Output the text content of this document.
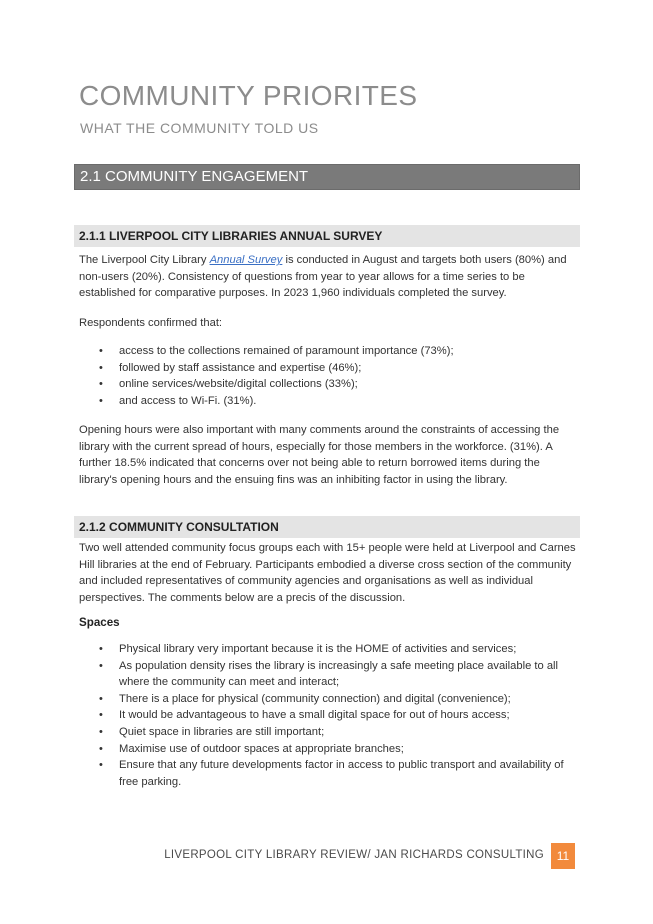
COMMUNITY PRIORITES
WHAT THE COMMUNITY TOLD US
2.1 COMMUNITY ENGAGEMENT
2.1.1 LIVERPOOL CITY LIBRARIES ANNUAL SURVEY

The Liverpool City Library Annual Survey is conducted in August and targets both users (80%) and non-users (20%). Consistency of questions from year to year allows for a time series to be established for comparative purposes. In 2023 1,960 individuals completed the survey.

Respondents confirmed that:

•	access to the collections remained of paramount importance (73%);
•	followed by staff assistance and expertise (46%);
•	online services/website/digital collections (33%);
•	and access to Wi-Fi. (31%).

Opening hours were also important with many comments around the constraints of accessing the library with the current spread of hours, especially for those members in the workforce. (31%). A further 18.5% indicated that concerns over not being able to return borrowed items during the library's opening hours and the ensuing fins was an inhibiting factor in using the library.

2.1.2 COMMUNITY CONSULTATION

Two well attended community focus groups each with 15+ people were held at Liverpool and Carnes Hill libraries at the end of February. Participants embodied a diverse cross section of the community and included representatives of community agencies and organisations as well as individual perspectives. The comments below are a precis of the discussion.

Spaces
•	Physical library very important because it is the HOME of activities and services;
•	As population density rises the library is increasingly a safe meeting place available to all where the community can meet and interact;
•	There is a place for physical (community connection) and digital (convenience);
•	It would be advantageous to have a small digital space for out of hours access;
•	Quiet space in libraries are still important;
•	Maximise use of outdoor spaces at appropriate branches;
•	Ensure that any future developments factor in access to public transport and availability of free parking.
LIVERPOOL CITY LIBRARY REVIEW/ JAN RICHARDS CONSULTING	11
